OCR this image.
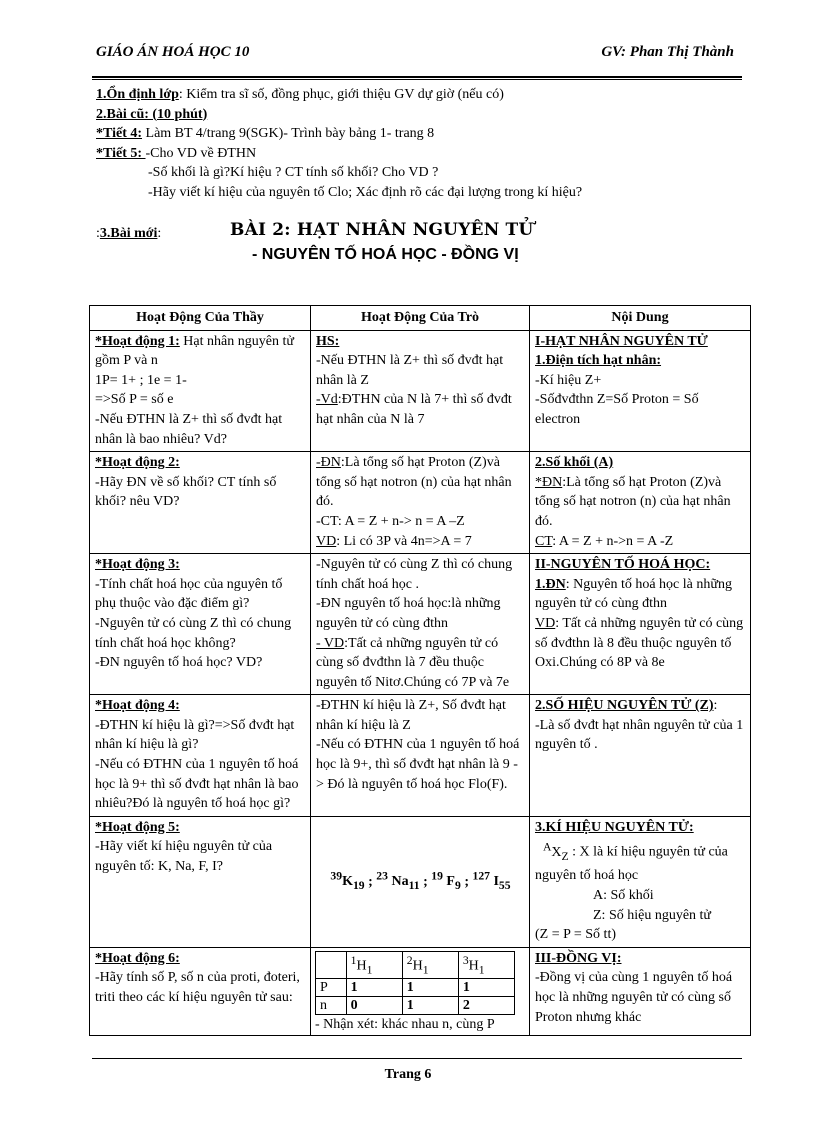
GIÁO ÁN HOÁ HỌC 10	GV: Phan Thị Thành
1.Ổn định lớp: Kiểm tra sĩ số, đồng phục, giới thiệu GV dự giờ (nếu có)
2.Bài cũ: (10 phút)
*Tiết 4: Làm BT 4/trang 9(SGK)- Trình bày bảng 1- trang 8
*Tiết 5: -Cho VD về ĐTHN
-Số khối là gì?Kí hiệu ? CT tính số khối? Cho VD ?
-Hãy viết kí hiệu của nguyên tố Clo; Xác định rõ các đại lượng trong kí hiệu?
:3.Bài mới:	BÀI 2: HẠT NHÂN NGUYÊN TỬ
- NGUYÊN TỐ HOÁ HỌC - ĐỒNG VỊ
Hoạt Động Của Thầy	Hoạt Động Của Trò	Nội Dung
*Hoạt động 1: Hạt nhân nguyên tử gồm P và n
1P= 1+ ; 1e = 1-
=>Số P = số e
-Nếu ĐTHN là Z+ thì số đvđt hạt nhân là bao nhiêu? Vd?	HS:
-Nếu ĐTHN là Z+ thì số đvđt hạt nhân là Z
-Vd:ĐTHN của N là 7+ thì số đvđt hạt nhân của N là 7	I-HẠT NHÂN NGUYÊN TỬ
1.Điện tích hạt nhân:
-Kí hiệu Z+
-Sốđvđthn Z=Số Proton = Số electron
*Hoạt động 2:
-Hãy ĐN về số khối? CT tính số khối? nêu VD?	-ĐN:Là tổng số hạt Proton (Z)và tổng số hạt notron (n) của hạt nhân đó.
-CT: A = Z + n-> n = A –Z
VD: Li có 3P và 4n=>A = 7	2.Số khối (A)
*ĐN:Là tổng số hạt Proton (Z)và tổng số hạt notron (n) của hạt nhân đó.
CT: A = Z + n->n = A -Z
*Hoạt động 3:
-Tính chất hoá học của nguyên tố phụ thuộc vào đặc điểm gì?
-Nguyên tử có cùng Z thì có chung tính chất hoá học không?
-ĐN nguyên tố hoá học? VD?	-Nguyên tử có cùng Z thì có chung tính chất hoá học .
-ĐN nguyên tố hoá học:là những nguyên tử có cùng đthn
- VD:Tất cả những nguyên tử có cùng số đvđthn là 7 đều thuộc nguyên tố Nitơ.Chúng có 7P và 7e	II-NGUYÊN TỐ HOÁ HỌC:
1.ĐN: Nguyên tố hoá học là những nguyên tử có cùng đthn
VD: Tất cả những nguyên tử có cùng số đvđthn là 8 đều thuộc nguyên tố Oxi.Chúng có 8P và 8e
*Hoạt động 4:
-ĐTHN kí hiệu là gì?=>Số đvđt hạt nhân kí hiệu là gì?
-Nếu có ĐTHN của 1 nguyên tố hoá học là 9+ thì số đvđt hạt nhân là bao nhiêu?Đó là nguyên tố hoá học gì?	-ĐTHN kí hiệu là Z+, Số đvđt hạt nhân kí hiệu là Z
-Nếu có ĐTHN của 1 nguyên tố hoá học là 9+, thì số đvđt hạt nhân là 9 - > Đó là nguyên tố hoá học Flo(F).	2.SỐ HIỆU NGUYÊN TỬ (Z):
-Là số đvđt hạt nhân nguyên tử của 1 nguyên tố .
*Hoạt động 5:
-Hãy viết kí hiệu nguyên tử của nguyên tố: K, Na, F, I?	$^{39}K_{19}$ ; $^{23}$ $Na_{11}$ ; $^{19}$ $F_9$ ; $^{127}$ $I_{55}$	3.KÍ HIỆU NGUYÊN TỬ:
$^AX_Z$ : X là kí hiệu nguyên tử của nguyên tố hoá học
A: Số khối
Z: Số hiệu nguyên tử
(Z = P = Số tt)
*Hoạt động 6:
-Hãy tính số P, số n của proti, đoteri, triti theo các kí hiệu nguyên tử sau:	
	$^1H_1$	$^2H_1$	$^3H_1$
P	1	1	1
n	0	1	2
- Nhận xét: khác nhau n, cùng P	III-ĐỒNG VỊ:
-Đồng vị của cùng 1 nguyên tố hoá học là những nguyên tử có cùng số Proton nhưng khác
Trang 6
